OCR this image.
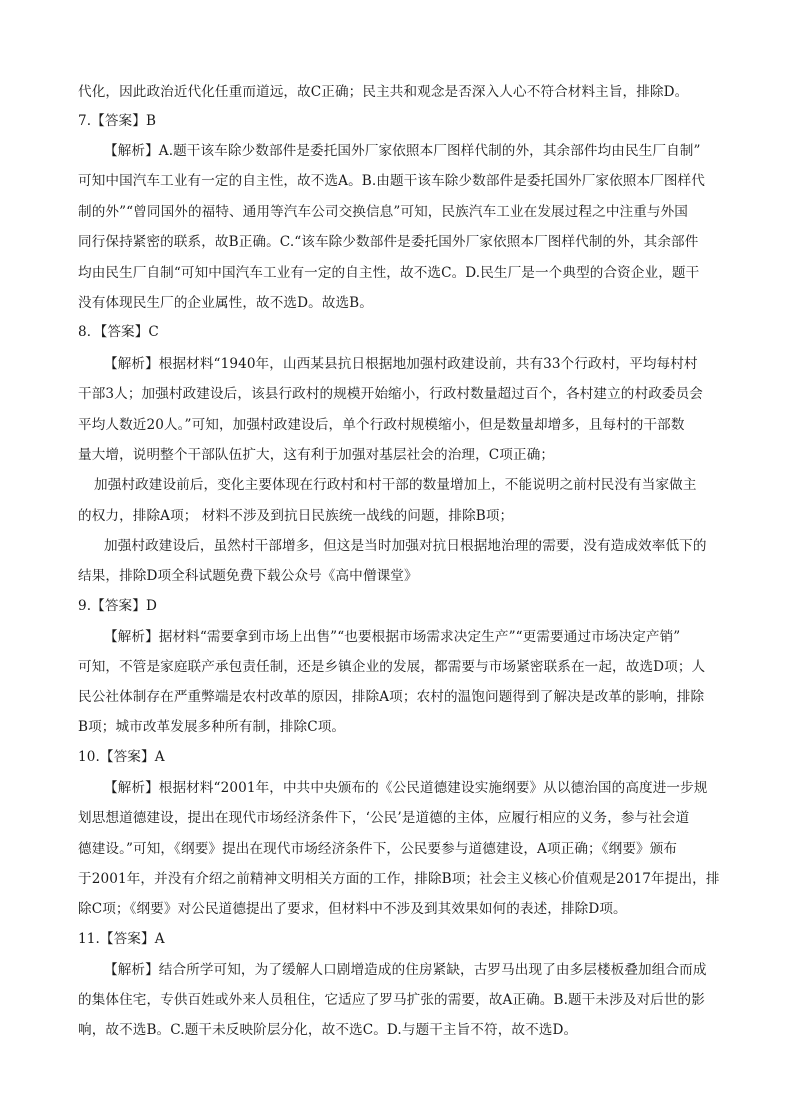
代化，因此政治近代化任重而道远，故C正确；民主共和观念是否深入人心不符合材料主旨，排除D。
7.【答案】B
【解析】A.题干该车除少数部件是委托国外厂家依照本厂图样代制的外，其余部件均由民生厂自制”
可知中国汽车工业有一定的自主性，故不选A。B.由题干该车除少数部件是委托国外厂家依照本厂图样代
制的外”“曾同国外的福特、通用等汽车公司交换信息”可知，民族汽车工业在发展过程之中注重与外国
同行保持紧密的联系，故B正确。C.“该车除少数部件是委托国外厂家依照本厂图样代制的外，其余部件
均由民生厂自制“可知中国汽车工业有一定的自主性，故不选C。D.民生厂是一个典型的合资企业，题干
没有体现民生厂的企业属性，故不选D。故选B。
8．【答案】C
【解析】根据材料“1940年，山西某县抗日根据地加强村政建设前，共有33个行政村，平均每村村
干部3人；加强村政建设后，该县行政村的规模开始缩小，行政村数量超过百个，各村建立的村政委员会
平均人数近20人。”可知，加强村政建设后，单个行政村规模缩小，但是数量却增多，且每村的干部数
量大增，说明整个干部队伍扩大，这有利于加强对基层社会的治理，C项正确；
加强村政建设前后，变化主要体现在行政村和村干部的数量增加上，不能说明之前村民没有当家做主
的权力，排除A项； 材料不涉及到抗日民族统一战线的问题，排除B项；
加强村政建设后，虽然村干部增多，但这是当时加强对抗日根据地治理的需要，没有造成效率低下的
结果，排除D项全科试题免费下载公众号《高中僧课堂》
9.【答案】D
【解析】据材料“需要拿到市场上出售”“也要根据市场需求决定生产”“更需要通过市场决定产销”
可知，不管是家庭联产承包责任制，还是乡镇企业的发展，都需要与市场紧密联系在一起，故选D项；人
民公社体制存在严重弊端是农村改革的原因，排除A项；农村的温饱问题得到了解决是改革的影响，排除
B项；城市改革发展多种所有制，排除C项。
10.【答案】A
【解析】根据材料“2001年，中共中央颁布的《公民道德建设实施纲要》从以德治国的高度进一步规
划思想道德建设，提出在现代市场经济条件下，‘公民’是道德的主体，应履行相应的义务，参与社会道
德建设。”可知，《纲要》提出在现代市场经济条件下，公民要参与道德建设，A项正确；《纲要》颁布
于2001年，并没有介绍之前精神文明相关方面的工作，排除B项；社会主义核心价值观是2017年提出，排
除C项；《纲要》对公民道德提出了要求，但材料中不涉及到其效果如何的表述，排除D项。
11.【答案】A
【解析】结合所学可知，为了缓解人口剧增造成的住房紧缺，古罗马出现了由多层楼板叠加组合而成
的集体住宅，专供百姓或外来人员租住，它适应了罗马扩张的需要，故A正确。B.题干未涉及对后世的影
响，故不选B。C.题干未反映阶层分化，故不选C。D.与题干主旨不符，故不选D。
